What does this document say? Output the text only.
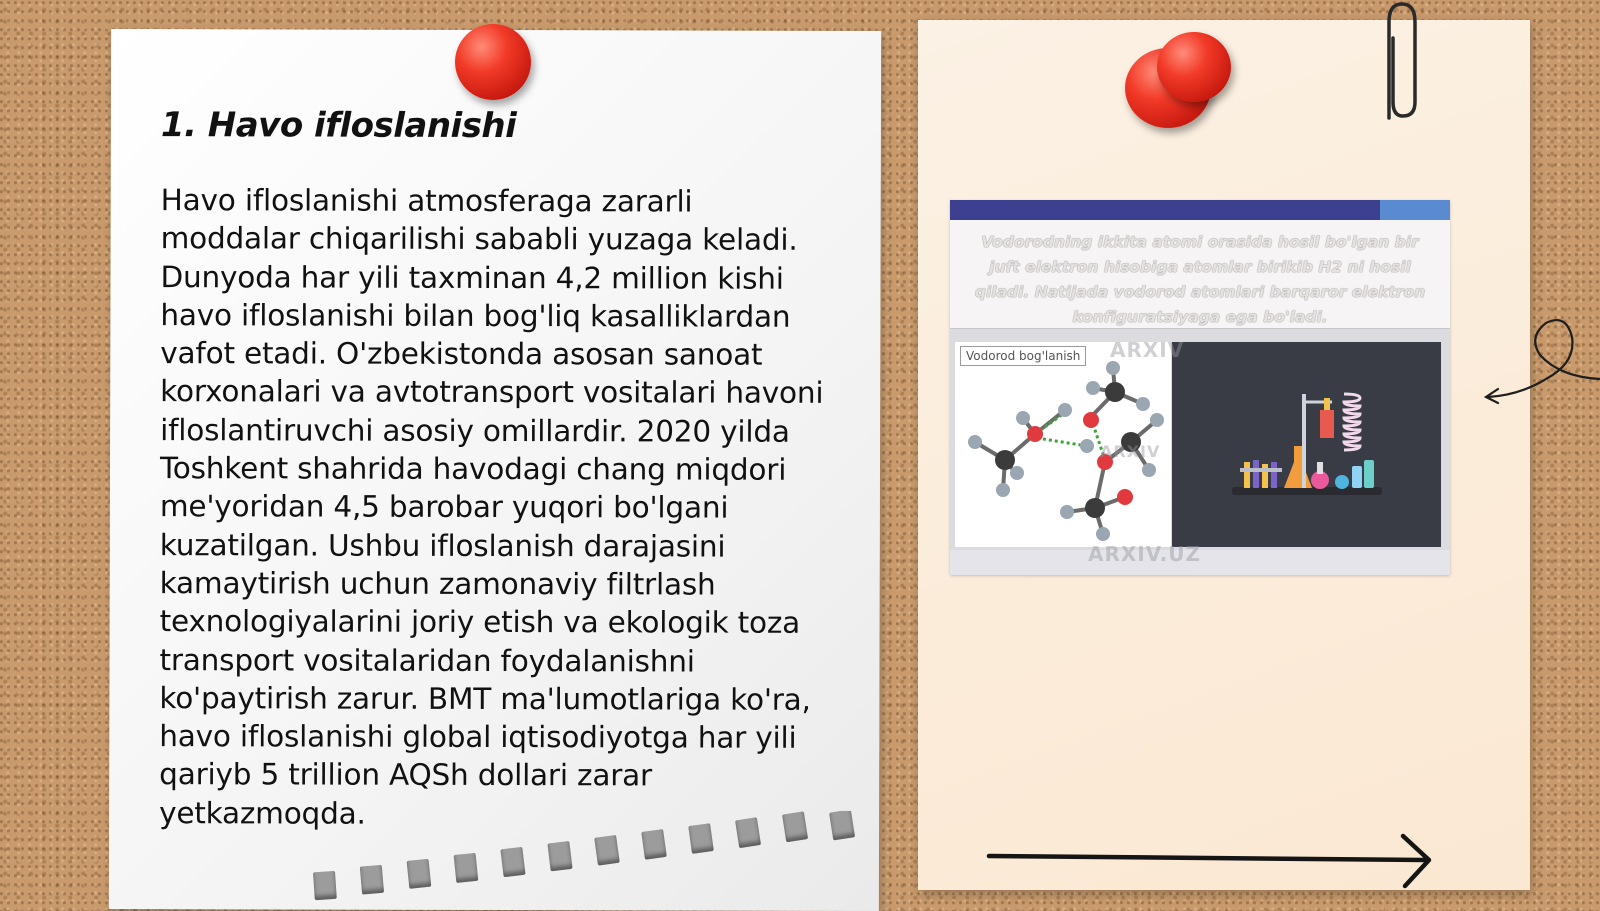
1. Havo ifloslanishi

Havo ifloslanishi atmosferaga zararli moddalar chiqarilishi sababli yuzaga keladi. Dunyoda har yili taxminan 4,2 million kishi havo ifloslanishi bilan bog'liq kasalliklardan vafot etadi. O'zbekistonda asosan sanoat korxonalari va avtotransport vositalari havoni ifloslantiruvchi asosiy omillardir. 2020 yilda Toshkent shahrida havodagi chang miqdori me'yoridan 4,5 barobar yuqori bo'lgani kuzatilgan. Ushbu ifloslanish darajasini kamaytirish uchun zamonaviy filtrlash texnologiyalarini joriy etish va ekologik toza transport vositalaridan foydalanishni ko'paytirish zarur. BMT ma'lumotlariga ko'ra, havo ifloslanishi global iqtisodiyotga har yili qariyb 5 trillion AQSh dollari zarar yetkazmoqda.

Vodorodning ikkita atomi orasida hosil bo'lgan bir juft elektron hisobiga atomlar birikib H2 ni hosil qiladi. Natijada vodorod atomlari barqaror elektron konfiguratsiyaga ega bo'ladi.

Vodorod bog'lanish
ARXIV.UZ
ARXIV
ARXIV
